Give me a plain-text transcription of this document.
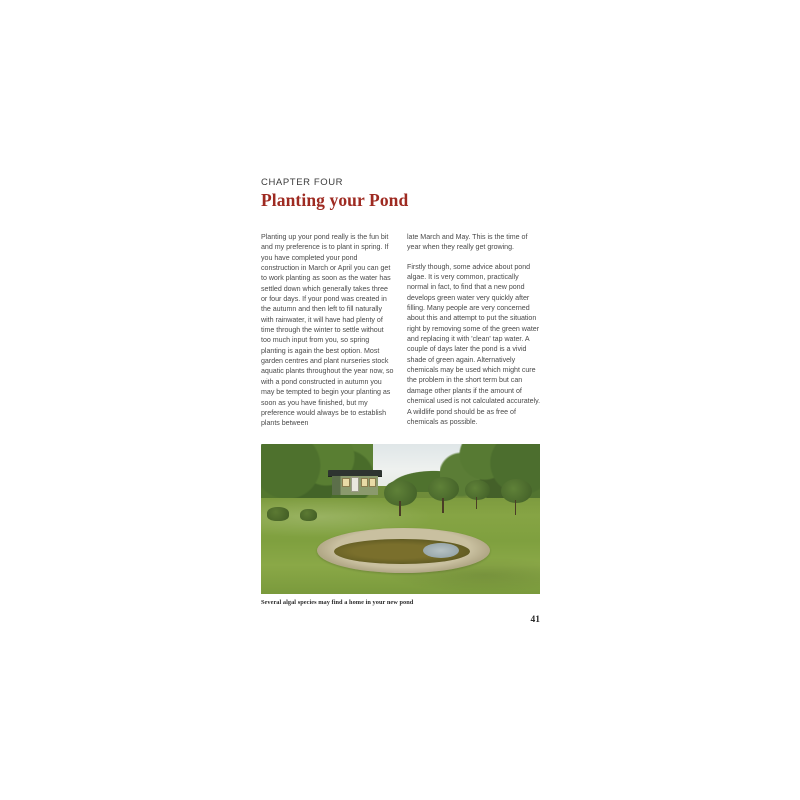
CHAPTER FOUR
Planting your Pond

Planting up your pond really is the fun bit and my preference is to plant in spring. If you have completed your pond construction in March or April you can get to work planting as soon as the water has settled down which generally takes three or four days. If your pond was created in the autumn and then left to fill naturally with rainwater, it will have had plenty of time through the winter to settle without too much input from you, so spring planting is again the best option. Most garden centres and plant nurseries stock aquatic plants throughout the year now, so with a pond constructed in autumn you may be tempted to begin your planting as soon as you have finished, but my preference would always be to establish plants between

late March and May. This is the time of year when they really get growing.

Firstly though, some advice about pond algae. It is very common, practically normal in fact, to find that a new pond develops green water very quickly after filling. Many people are very concerned about this and attempt to put the situation right by removing some of the green water and replacing it with 'clean' tap water. A couple of days later the pond is a vivid shade of green again. Alternatively chemicals may be used which might cure the problem in the short term but can damage other plants if the amount of chemical used is not calculated accurately. A wildlife pond should be as free of chemicals as possible.

Several algal species may find a home in your new pond
41
